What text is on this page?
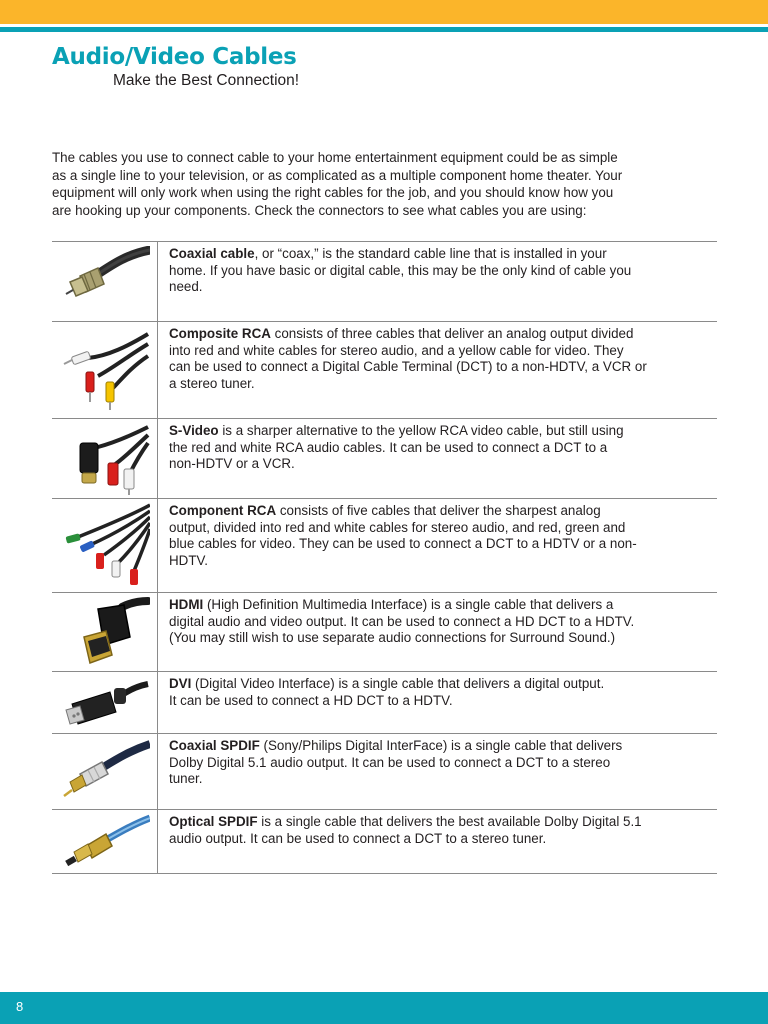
Audio/Video Cables
Make the Best Connection!
The cables you use to connect cable to your home entertainment equipment could be as simple
as a single line to your television, or as complicated as a multiple component home theater. Your
equipment will only work when using the right cables for the job, and you should know how you
are hooking up your components. Check the connectors to see what cables you are using:
Coaxial cable, or “coax,” is the standard cable line that is installed in your
home. If you have basic or digital cable, this may be the only kind of cable you
need.
Composite RCA consists of three cables that deliver an analog output divided
into red and white cables for stereo audio, and a yellow cable for video. They
can be used to connect a Digital Cable Terminal (DCT) to a non-HDTV, a VCR or
a stereo tuner.
S-Video is a sharper alternative to the yellow RCA video cable, but still using
the red and white RCA audio cables. It can be used to connect a DCT to a
non-HDTV or a VCR.
Component RCA consists of five cables that deliver the sharpest analog
output, divided into red and white cables for stereo audio, and red, green and
blue cables for video. They can be used to connect a DCT to a HDTV or a non-
HDTV.
HDMI (High Definition Multimedia Interface) is a single cable that delivers a
digital audio and video output. It can be used to connect a HD DCT to a HDTV.
(You may still wish to use separate audio connections for Surround Sound.)
DVI (Digital Video Interface) is a single cable that delivers a digital output.
It can be used to connect a HD DCT to a HDTV.
Coaxial SPDIF (Sony/Philips Digital InterFace) is a single cable that delivers
Dolby Digital 5.1 audio output. It can be used to connect a DCT to a stereo
tuner.
Optical SPDIF is a single cable that delivers the best available Dolby Digital 5.1
audio output. It can be used to connect a DCT to a stereo tuner.
8
